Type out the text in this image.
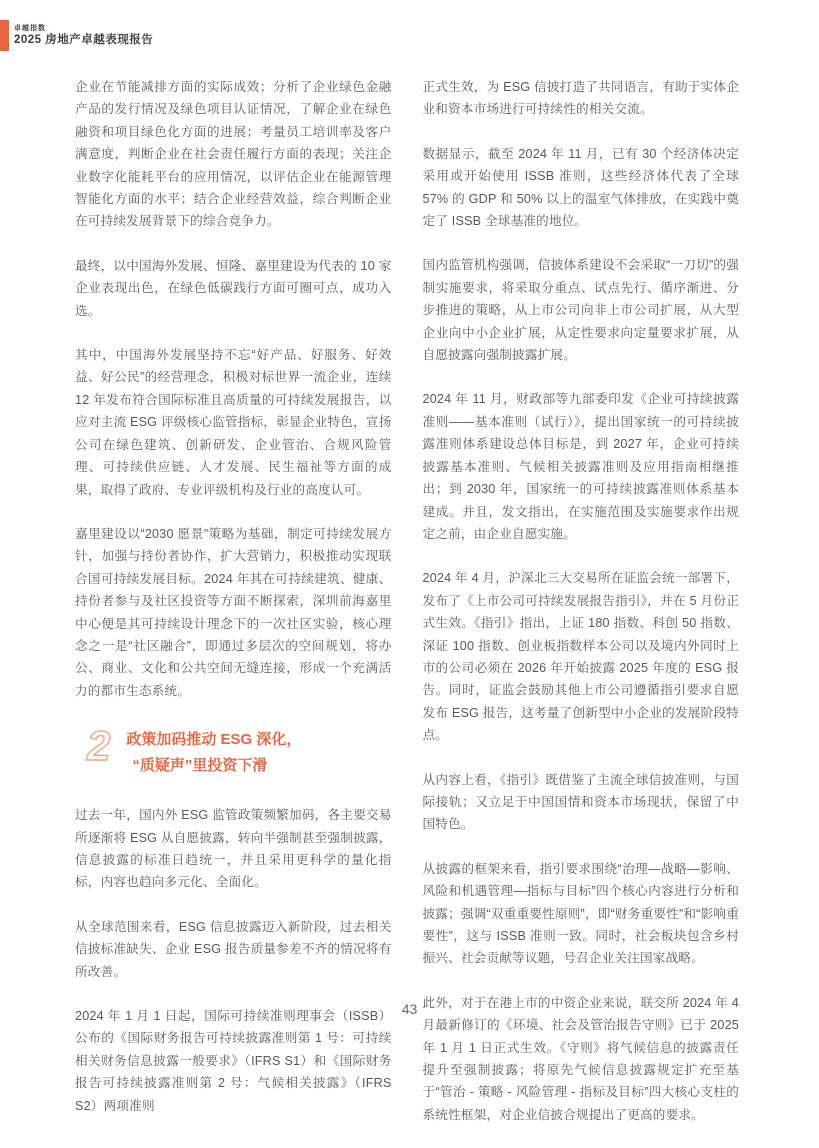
卓越指数
2025 房地产卓越表现报告

企业在节能减排方面的实际成效；分析了企业绿色金融产品的发行情况及绿色项目认证情况，了解企业在绿色融资和项目绿色化方面的进展；考量员工培训率及客户满意度，判断企业在社会责任履行方面的表现；关注企业数字化能耗平台的应用情况，以评估企业在能源管理智能化方面的水平；结合企业经营效益，综合判断企业在可持续发展背景下的综合竞争力。

最终，以中国海外发展、恒隆、嘉里建设为代表的 10 家企业表现出色，在绿色低碳践行方面可圈可点，成功入选。

其中，中国海外发展坚持不忘“好产品、好服务、好效益、好公民”的经营理念，积极对标世界一流企业，连续 12 年发布符合国际标准且高质量的可持续发展报告，以应对主流 ESG 评级核心监管指标，彰显企业特色，宣扬公司在绿色建筑、创新研发、企业管治、合规风险管理、可持续供应链、人才发展、民生福祉等方面的成果，取得了政府、专业评级机构及行业的高度认可。

嘉里建设以“2030 愿景”策略为基础，制定可持续发展方针，加强与持份者协作，扩大营销力，积极推动实现联合国可持续发展目标。2024 年其在可持续建筑、健康、持份者参与及社区投资等方面不断探索，深圳前海嘉里中心便是其可持续设计理念下的一次社区实验，核心理念之一是“社区融合”，即通过多层次的空间规划，将办公、商业、文化和公共空间无缝连接，形成一个充满活力的都市生态系统。

2	政策加码推动 ESG 深化，
“质疑声”里投资下滑

过去一年，国内外 ESG 监管政策频繁加码，各主要交易所逐渐将 ESG 从自愿披露，转向半强制甚至强制披露，信息披露的标准日趋统一，并且采用更科学的量化指标，内容也趋向多元化、全面化。

从全球范围来看，ESG 信息披露迈入新阶段，过去相关信披标准缺失、企业 ESG 报告质量参差不齐的情况将有所改善。

2024 年 1 月 1 日起，国际可持续准则理事会（ISSB）公布的《国际财务报告可持续披露准则第 1 号：可持续相关财务信息披露一般要求》（IFRS S1）和《国际财务报告可持续披露准则第 2 号：气候相关披露》（IFRS S2）两项准则

正式生效，为 ESG 信披打造了共同语言，有助于实体企业和资本市场进行可持续性的相关交流。

数据显示，截至 2024 年 11 月，已有 30 个经济体决定采用或开始使用 ISSB 准则，这些经济体代表了全球 57% 的 GDP 和 50% 以上的温室气体排放，在实践中奠定了 ISSB 全球基准的地位。

国内监管机构强调，信披体系建设不会采取“一刀切”的强制实施要求，将采取分重点、试点先行、循序渐进、分步推进的策略，从上市公司向非上市公司扩展，从大型企业向中小企业扩展，从定性要求向定量要求扩展，从自愿披露向强制披露扩展。

2024 年 11 月，财政部等九部委印发《企业可持续披露准则——基本准则（试行）》，提出国家统一的可持续披露准则体系建设总体目标是，到 2027 年，企业可持续披露基本准则、气候相关披露准则及应用指南相继推出；到 2030 年，国家统一的可持续披露准则体系基本建成。并且，发文指出，在实施范围及实施要求作出规定之前，由企业自愿实施。

2024 年 4 月，沪深北三大交易所在证监会统一部署下，发布了《上市公司可持续发展报告指引》，并在 5 月份正式生效。《指引》指出，上证 180 指数、科创 50 指数、深证 100 指数、创业板指数样本公司以及境内外同时上市的公司必须在 2026 年开始披露 2025 年度的 ESG 报告。同时，证监会鼓励其他上市公司遵循指引要求自愿发布 ESG 报告，这考量了创新型中小企业的发展阶段特点。

从内容上看，《指引》既借鉴了主流全球信披准则，与国际接轨；又立足于中国国情和资本市场现状，保留了中国特色。

从披露的框架来看，指引要求围绕“治理—战略—影响、风险和机遇管理—指标与目标”四个核心内容进行分析和披露；强调“双重重要性原则”，即“财务重要性”和“影响重要性”，这与 ISSB 准则一致。同时，社会板块包含乡村振兴、社会贡献等议题，号召企业关注国家战略。

此外，对于在港上市的中资企业来说，联交所 2024 年 4 月最新修订的《环境、社会及管治报告守则》已于 2025 年 1 月 1 日正式生效。《守则》将气候信息的披露责任提升至强制披露；将原先气候信息披露规定扩充至基于“管治 - 策略 - 风险管理 - 指标及目标”四大核心支柱的系统性框架，对企业信披合规提出了更高的要求。

43
